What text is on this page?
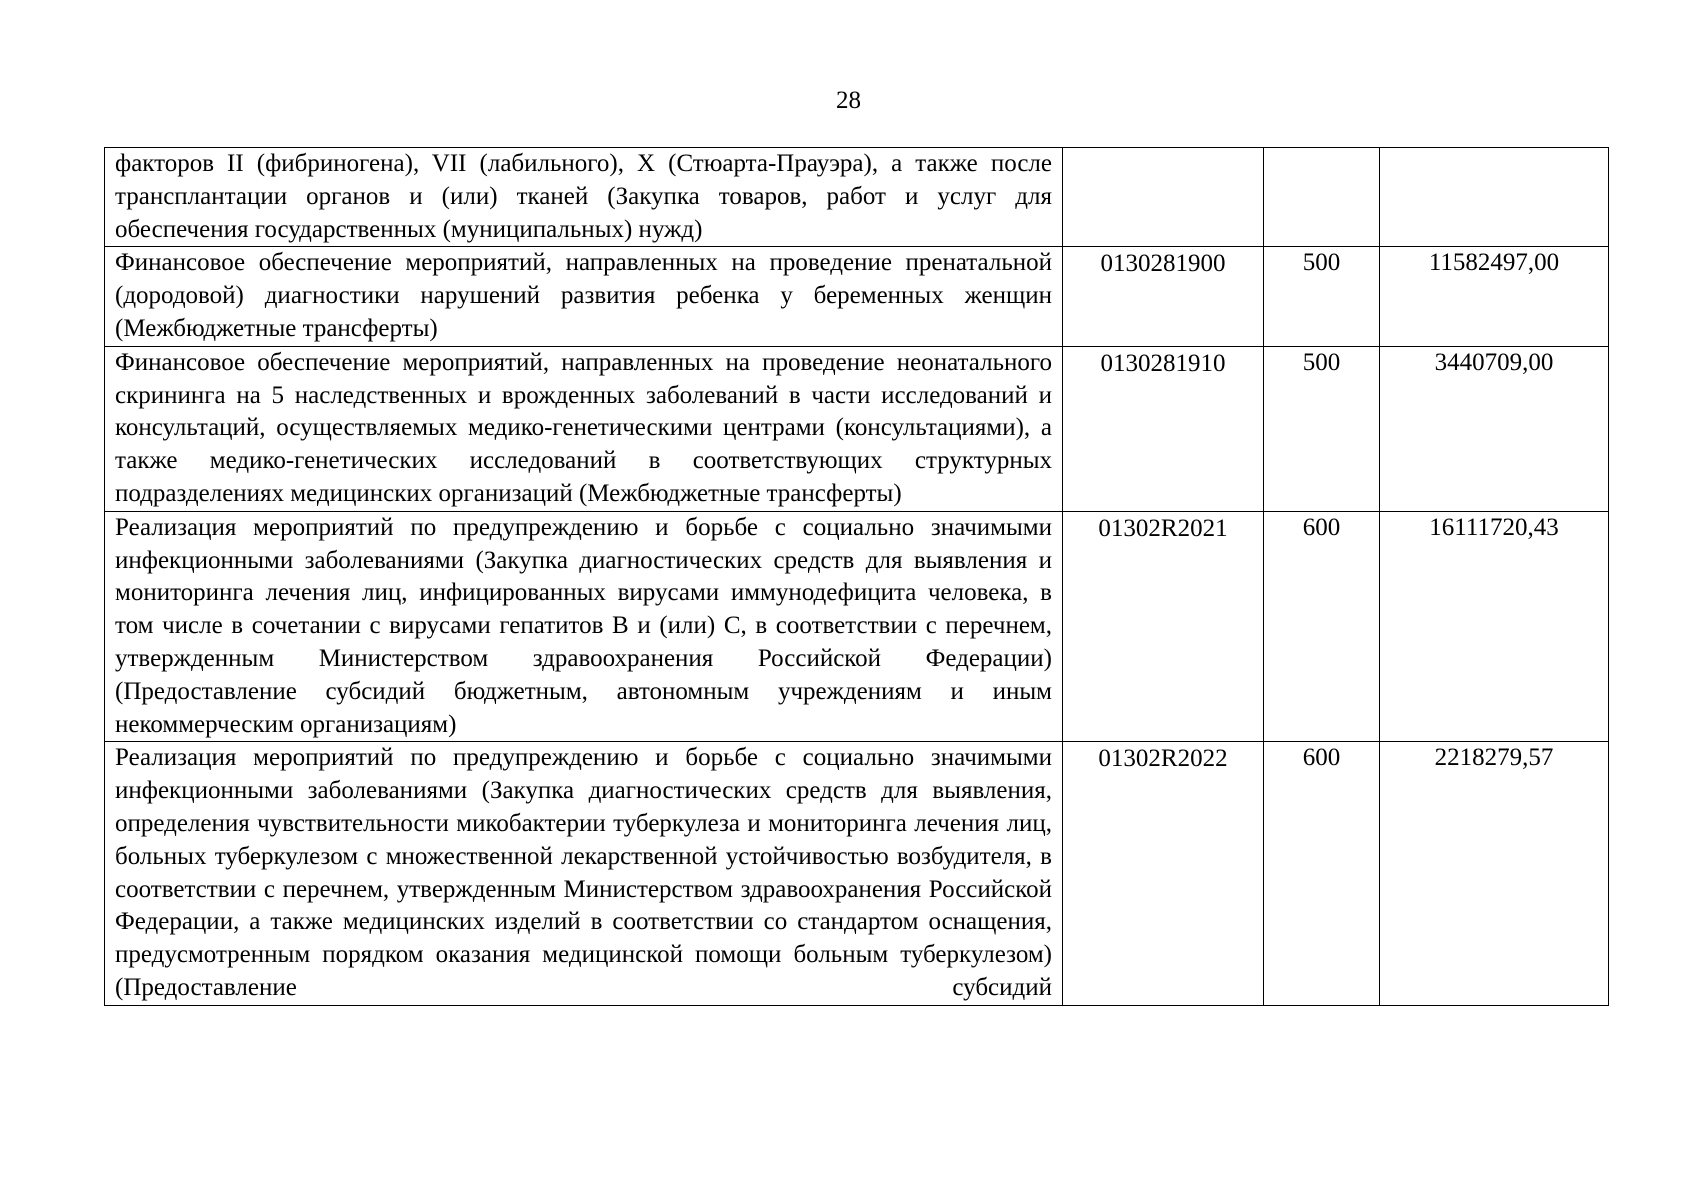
28
факторов II (фибриногена), VII (лабильного), X (Стюарта-Прауэра), а также после трансплантации органов и (или) тканей (Закупка товаров, работ и услуг для обеспечения государственных (муниципальных) нужд)			
Финансовое обеспечение мероприятий, направленных на проведение пренатальной (дородовой) диагностики нарушений развития ребенка у беременных женщин (Межбюджетные трансферты)	0130281900	500	11582497,00
Финансовое обеспечение мероприятий, направленных на проведение неонатального скрининга на 5 наследственных и врожденных заболеваний в части исследований и консультаций, осуществляемых медико-генетическими центрами (консультациями), а также медико-генетических исследований в соответствующих структурных подразделениях медицинских организаций (Межбюджетные трансферты)	0130281910	500	3440709,00
Реализация мероприятий по предупреждению и борьбе с социально значимыми инфекционными заболеваниями (Закупка диагностических средств для выявления и мониторинга лечения лиц, инфицированных вирусами иммунодефицита человека, в том числе в сочетании с вирусами гепатитов B и (или) C, в соответствии с перечнем, утвержденным Министерством здравоохранения Российской Федерации) (Предоставление субсидий бюджетным, автономным учреждениям и иным некоммерческим организациям)	01302R2021	600	16111720,43
Реализация мероприятий по предупреждению и борьбе с социально значимыми инфекционными заболеваниями (Закупка диагностических средств для выявления, определения чувствительности микобактерии туберкулеза и мониторинга лечения лиц, больных туберкулезом с множественной лекарственной устойчивостью возбудителя, в соответствии с перечнем, утвержденным Министерством здравоохранения Российской Федерации, а также медицинских изделий в соответствии со стандартом оснащения, предусмотренным порядком оказания медицинской помощи больным туберкулезом) (Предоставление субсидий	01302R2022	600	2218279,57
